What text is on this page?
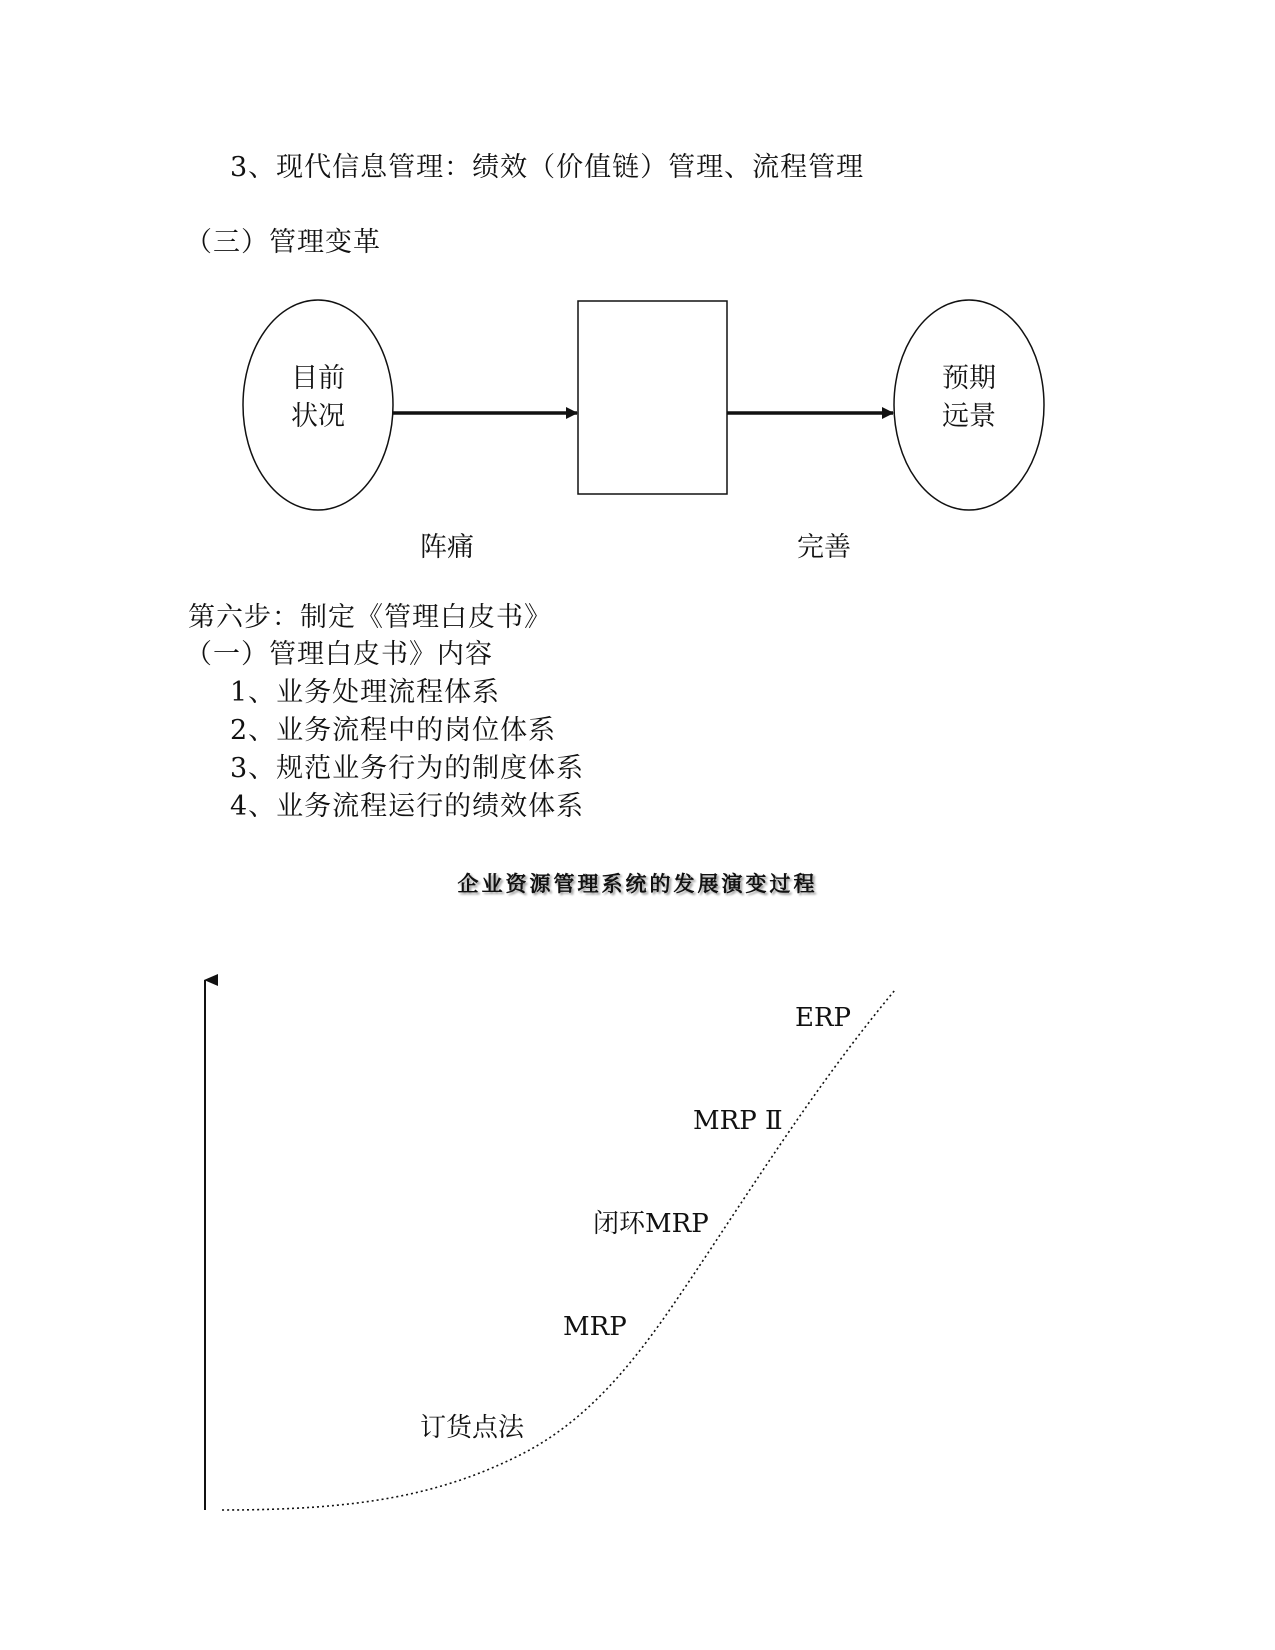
3、现代信息管理：绩效（价值链）管理、流程管理
（三）管理变革
目前
状况
预期
远景
阵痛	完善
第六步：制定《管理白皮书》
（一）管理白皮书》内容
1、业务处理流程体系
2、业务流程中的岗位体系
3、规范业务行为的制度体系
4、业务流程运行的绩效体系
企业资源管理系统的发展演变过程
订货点法
MRP
闭环MRP
MRP Ⅱ
ERP
